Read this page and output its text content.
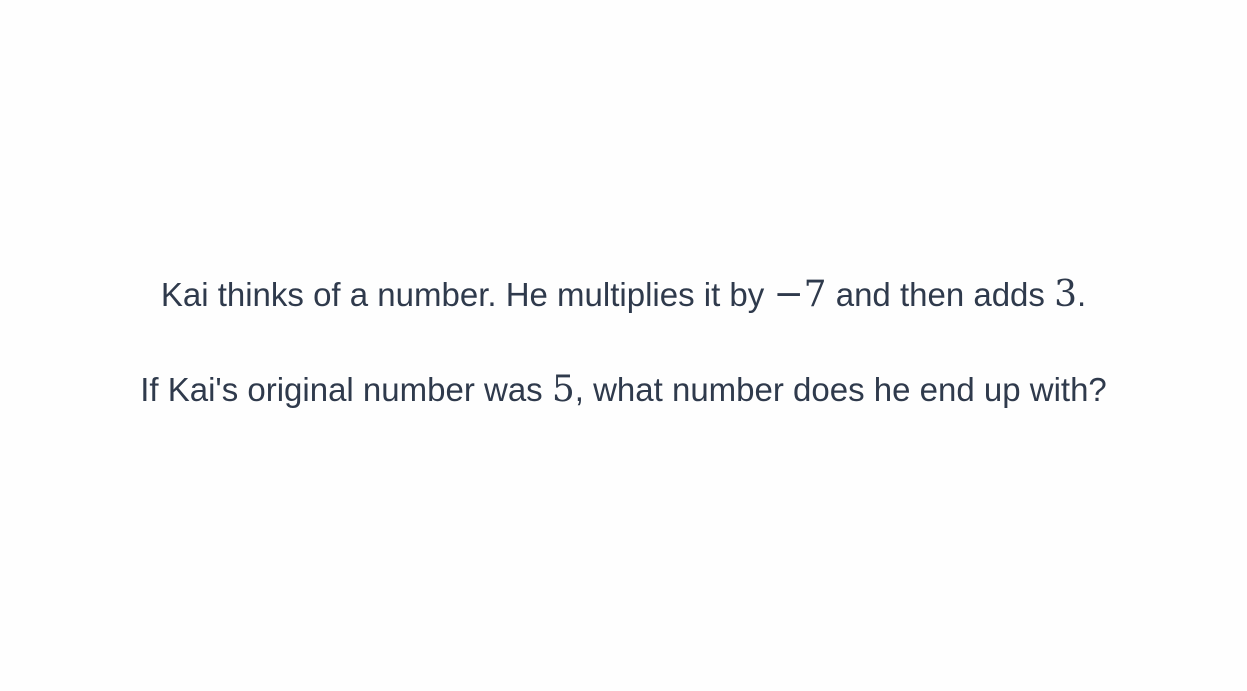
Kai thinks of a number. He multiplies it by −7 and then adds 3.
If Kai's original number was 5, what number does he end up with?
